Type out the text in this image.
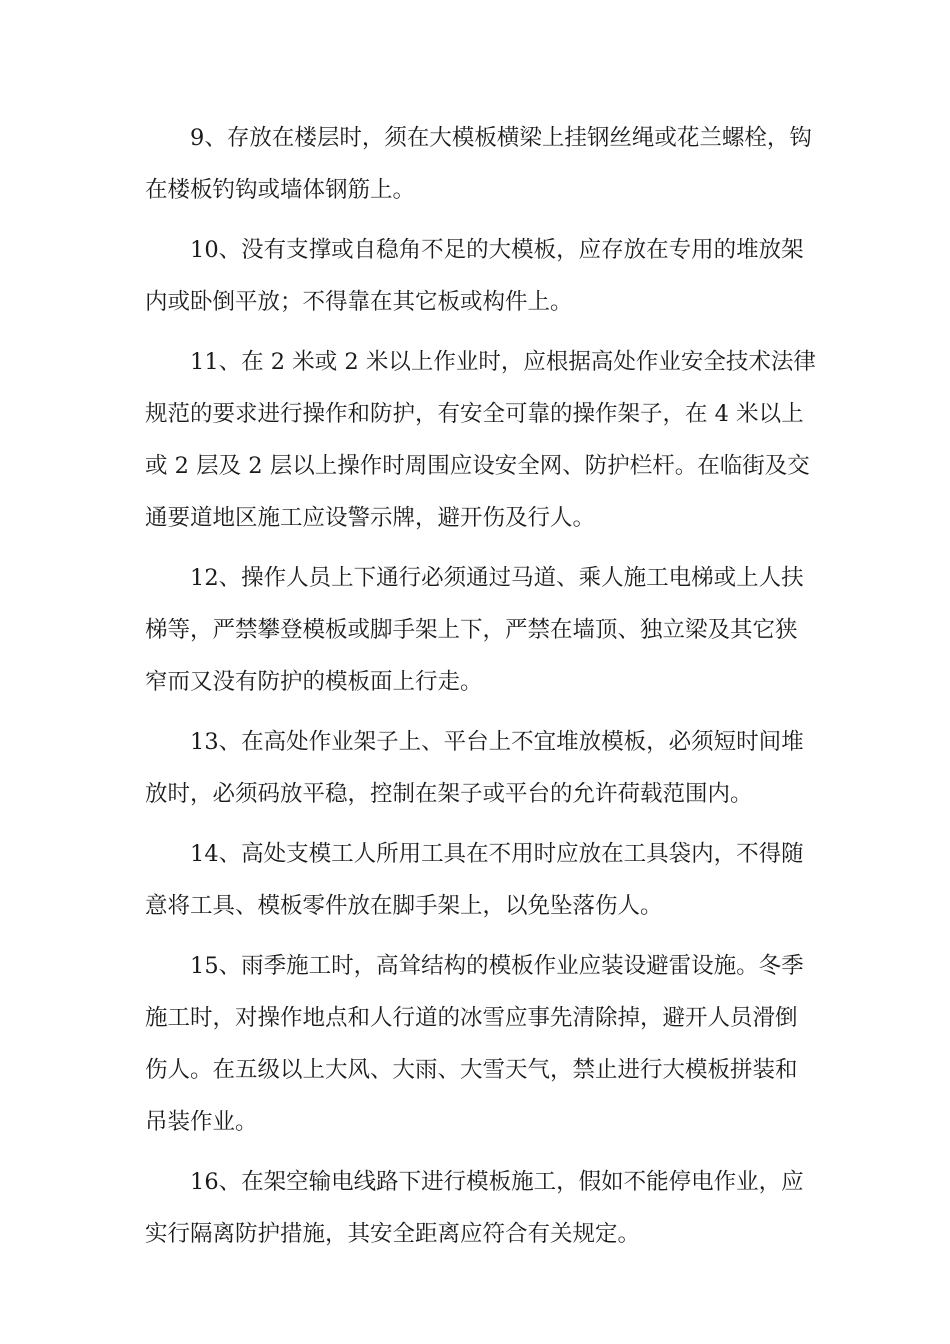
9、存放在楼层时，须在大模板横梁上挂钢丝绳或花兰螺栓，钩
在楼板钓钩或墙体钢筋上。

10、没有支撑或自稳角不足的大模板，应存放在专用的堆放架
内或卧倒平放；不得靠在其它板或构件上。

11、在 2 米或 2 米以上作业时，应根据高处作业安全技术法律
规范的要求进行操作和防护，有安全可靠的操作架子，在 4 米以上
或 2 层及 2 层以上操作时周围应设安全网、防护栏杆。在临街及交
通要道地区施工应设警示牌，避开伤及行人。

12、操作人员上下通行必须通过马道、乘人施工电梯或上人扶
梯等，严禁攀登模板或脚手架上下，严禁在墙顶、独立梁及其它狭
窄而又没有防护的模板面上行走。

13、在高处作业架子上、平台上不宜堆放模板，必须短时间堆
放时，必须码放平稳，控制在架子或平台的允许荷载范围内。

14、高处支模工人所用工具在不用时应放在工具袋内，不得随
意将工具、模板零件放在脚手架上，以免坠落伤人。

15、雨季施工时，高耸结构的模板作业应装设避雷设施。冬季
施工时，对操作地点和人行道的冰雪应事先清除掉，避开人员滑倒
伤人。在五级以上大风、大雨、大雪天气，禁止进行大模板拼装和
吊装作业。

16、在架空输电线路下进行模板施工，假如不能停电作业，应
实行隔离防护措施，其安全距离应符合有关规定。
